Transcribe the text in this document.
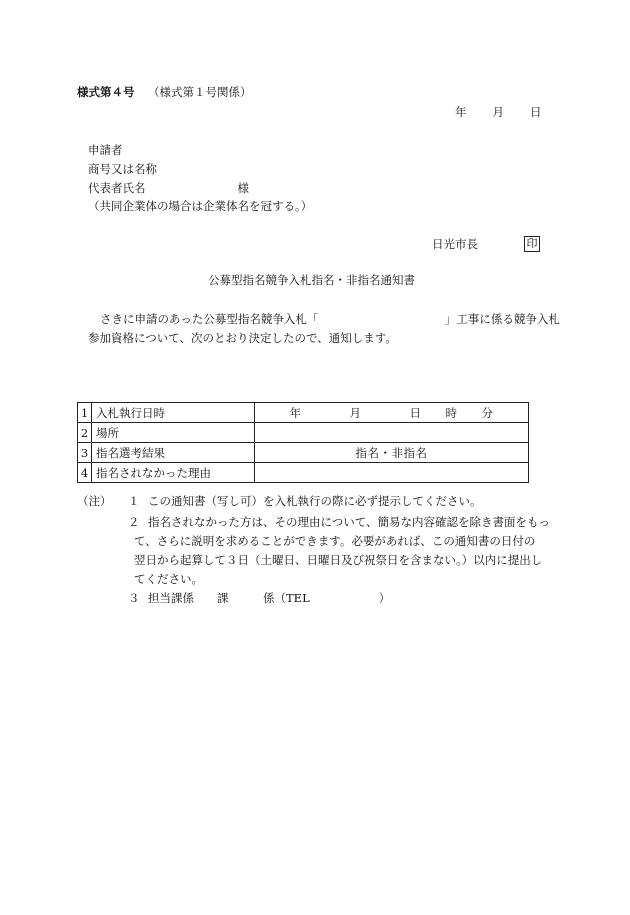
様式第４号 （様式第１号関係）
年　　月　　日
申請者
商号又は名称
代表者氏名　　　　　　　　様
（共同企業体の場合は企業体名を冠する。）
日光市長	印
公募型指名競争入札指名・非指名通知書
さきに申請のあった公募型指名競争入札「　　　　　　　　　　　」工事に係る競争入札
参加資格について、次のとおり決定したので、通知します。
1	入札執行日時	年　　　　月　　　　日　　時　　分
2	場所	
3	指名選考結果	指名・非指名
4	指名されなかった理由	
（注） １ この通知書（写し可）を入札執行の際に必ず提示してください。
２ 指名されなかった方は、その理由について、簡易な内容確認を除き書面をもっ
て、さらに説明を求めることができます。必要があれば、この通知書の日付の
翌日から起算して３日（土曜日、日曜日及び祝祭日を含まない。）以内に提出し
てください。
３ 担当課係　　課　　　係（TEL　　　　　　）
